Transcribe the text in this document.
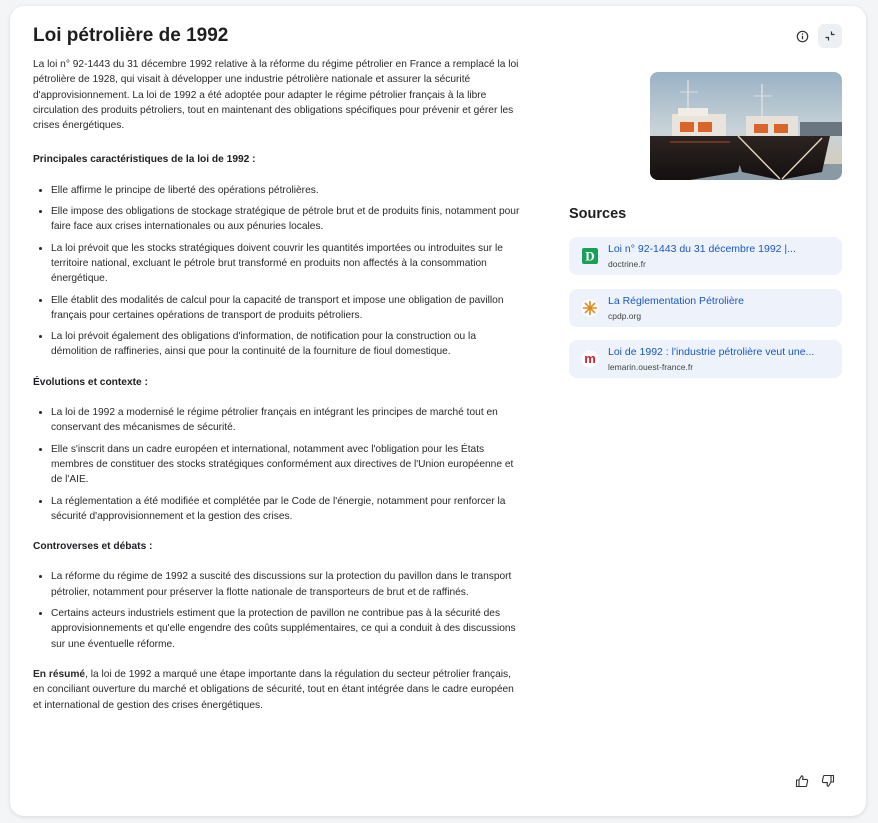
Loi pétrolière de 1992

La loi n° 92-1443 du 31 décembre 1992 relative à la réforme du régime pétrolier en France a remplacé la loi pétrolière de 1928, qui visait à développer une industrie pétrolière nationale et assurer la sécurité d'approvisionnement. La loi de 1992 a été adoptée pour adapter le régime pétrolier français à la libre circulation des produits pétroliers, tout en maintenant des obligations spécifiques pour prévenir et gérer les crises énergétiques.

Principales caractéristiques de la loi de 1992 :

• Elle affirme le principe de liberté des opérations pétrolières.
• Elle impose des obligations de stockage stratégique de pétrole brut et de produits finis, notamment pour faire face aux crises internationales ou aux pénuries locales.
• La loi prévoit que les stocks stratégiques doivent couvrir les quantités importées ou introduites sur le territoire national, excluant le pétrole brut transformé en produits non affectés à la consommation énergétique.
• Elle établit des modalités de calcul pour la capacité de transport et impose une obligation de pavillon français pour certaines opérations de transport de produits pétroliers.
• La loi prévoit également des obligations d'information, de notification pour la construction ou la démolition de raffineries, ainsi que pour la continuité de la fourniture de fioul domestique.

Évolutions et contexte :

• La loi de 1992 a modernisé le régime pétrolier français en intégrant les principes de marché tout en conservant des mécanismes de sécurité.
• Elle s'inscrit dans un cadre européen et international, notamment avec l'obligation pour les États membres de constituer des stocks stratégiques conformément aux directives de l'Union européenne et de l'AIE.
• La réglementation a été modifiée et complétée par le Code de l'énergie, notamment pour renforcer la sécurité d'approvisionnement et la gestion des crises.

Controverses et débats :

• La réforme du régime de 1992 a suscité des discussions sur la protection du pavillon dans le transport pétrolier, notamment pour préserver la flotte nationale de transporteurs de brut et de raffinés.
• Certains acteurs industriels estiment que la protection de pavillon ne contribue pas à la sécurité des approvisionnements et qu'elle engendre des coûts supplémentaires, ce qui a conduit à des discussions sur une éventuelle réforme.

En résumé, la loi de 1992 a marqué une étape importante dans la régulation du secteur pétrolier français, en conciliant ouverture du marché et obligations de sécurité, tout en étant intégrée dans le cadre européen et international de gestion des crises énergétiques.

Sources
D Loi n° 92-1443 du 31 décembre 1992 |...
doctrine.fr
La Réglementation Pétrolière
cpdp.org
m Loi de 1992 : l'industrie pétrolière veut une...
lemarin.ouest-france.fr
